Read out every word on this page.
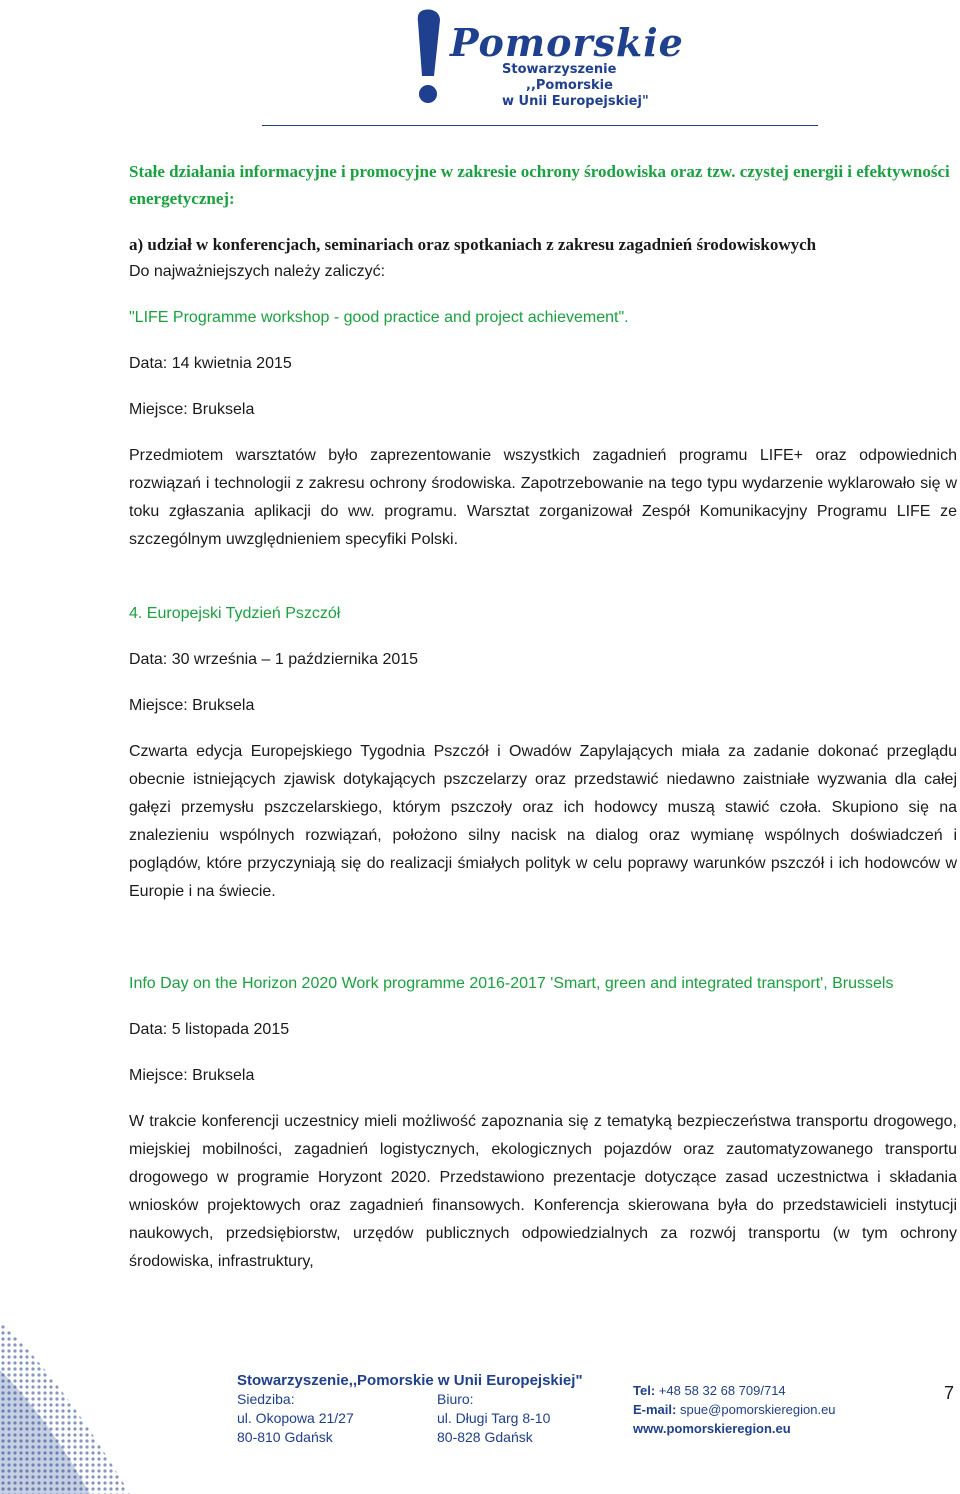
Pomorskie
Stowarzyszenie
,,Pomorskie
w Unii Europejskiej"

Stałe działania informacyjne i promocyjne w zakresie ochrony środowiska oraz tzw. czystej energii i efektywności energetycznej:

a) udział w konferencjach, seminariach oraz spotkaniach z zakresu zagadnień środowiskowych

Do najważniejszych należy zaliczyć:

"LIFE Programme workshop - good practice and project achievement".

Data: 14 kwietnia 2015

Miejsce: Bruksela

Przedmiotem warsztatów było zaprezentowanie wszystkich zagadnień programu LIFE+ oraz odpowiednich rozwiązań i technologii z zakresu ochrony środowiska. Zapotrzebowanie na tego typu wydarzenie wyklarowało się w toku zgłaszania aplikacji do ww. programu. Warsztat zorganizował Zespół Komunikacyjny Programu LIFE ze szczególnym uwzględnieniem specyfiki Polski.

4. Europejski Tydzień Pszczół

Data: 30 września – 1 października 2015

Miejsce: Bruksela

Czwarta edycja Europejskiego Tygodnia Pszczół i Owadów Zapylających miała za zadanie dokonać przeglądu obecnie istniejących zjawisk dotykających pszczelarzy oraz przedstawić niedawno zaistniałe wyzwania dla całej gałęzi przemysłu pszczelarskiego, którym pszczoły oraz ich hodowcy muszą stawić czoła. Skupiono się na znalezieniu wspólnych rozwiązań, położono silny nacisk na dialog oraz wymianę wspólnych doświadczeń i poglądów, które przyczyniają się do realizacji śmiałych polityk w celu poprawy warunków pszczół i ich hodowców w Europie i na świecie.

Info Day on the Horizon 2020 Work programme 2016-2017 'Smart, green and integrated transport', Brussels

Data: 5 listopada 2015

Miejsce: Bruksela

W trakcie konferencji uczestnicy mieli możliwość zapoznania się z tematyką bezpieczeństwa transportu drogowego, miejskiej mobilności, zagadnień logistycznych, ekologicznych pojazdów oraz zautomatyzowanego transportu drogowego w programie Horyzont 2020. Przedstawiono prezentacje dotyczące zasad uczestnictwa i składania wniosków projektowych oraz zagadnień finansowych. Konferencja skierowana była do przedstawicieli instytucji naukowych, przedsiębiorstw, urzędów publicznych odpowiedzialnych za rozwój transportu (w tym ochrony środowiska, infrastruktury,

Stowarzyszenie,,Pomorskie w Unii Europejskiej"
Siedziba:
ul. Okopowa 21/27
80-810 Gdańsk
Biuro:
ul. Długi Targ 8-10
80-828 Gdańsk
Tel: +48 58 32 68 709/714
E-mail: spue@pomorskieregion.eu
www.pomorskieregion.eu
7
